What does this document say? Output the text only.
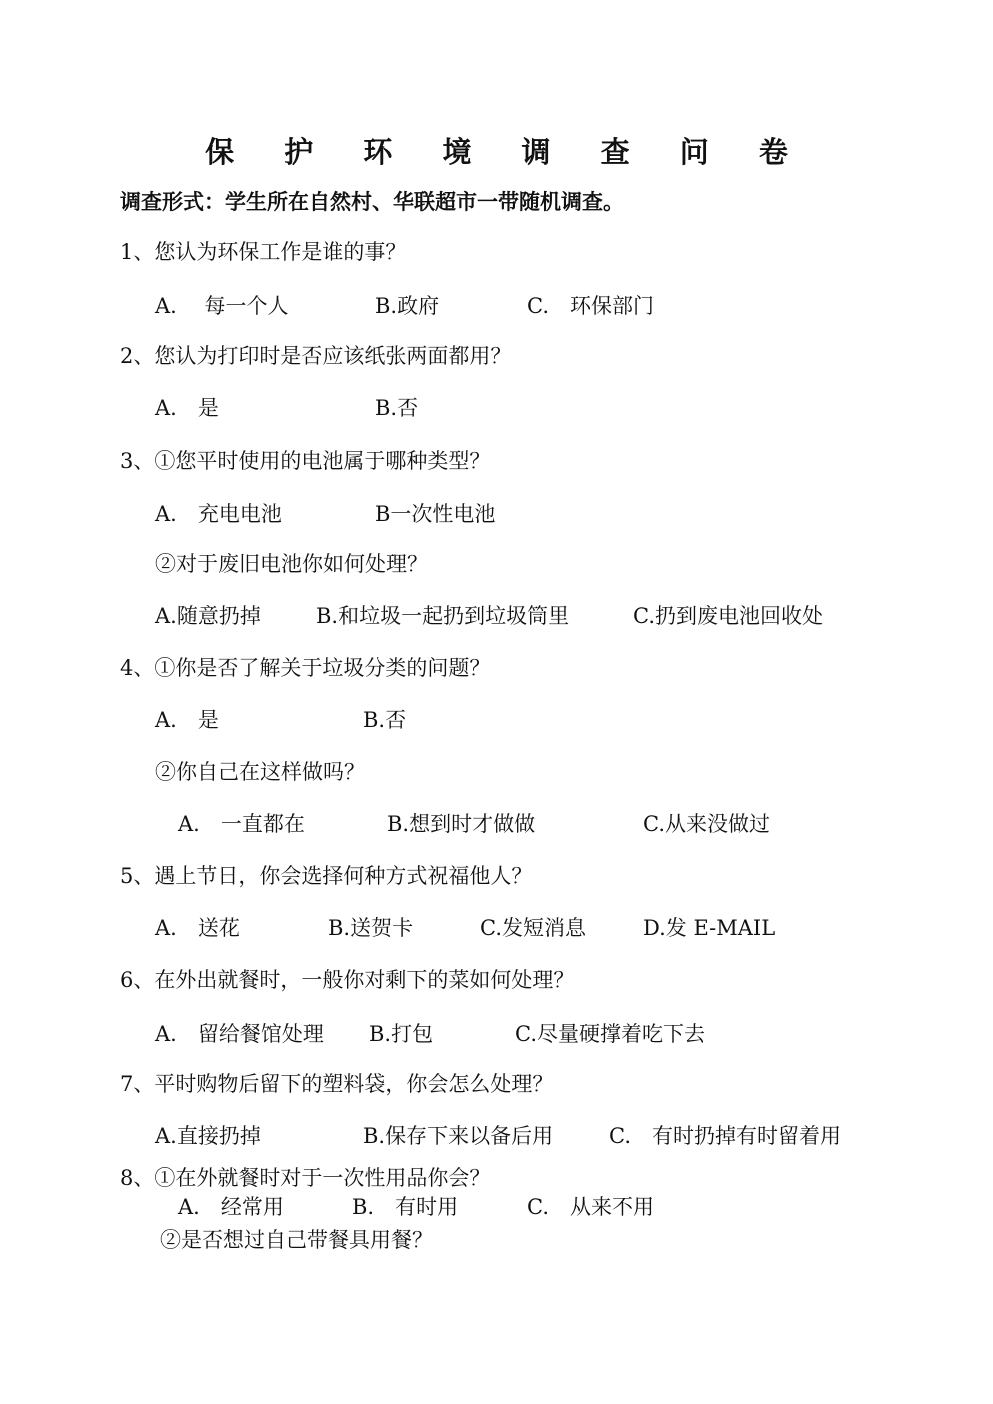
保 护 环 境 调 查 问 卷
调查形式：学生所在自然村、华联超市一带随机调查。
1、您认为环保工作是谁的事？
A.　 每一个人	B.政府	C.　环保部门
2、您认为打印时是否应该纸张两面都用？
A.　是	B.否
3、①您平时使用的电池属于哪种类型？
A.　充电电池	B一次性电池
②对于废旧电池你如何处理？
A.随意扔掉	B.和垃圾一起扔到垃圾筒里	C.扔到废电池回收处
4、①你是否了解关于垃圾分类的问题？
A.　是	B.否
②你自己在这样做吗？
A.　一直都在	B.想到时才做做	C.从来没做过
5、遇上节日，你会选择何种方式祝福他人？
A.　送花	B.送贺卡	C.发短消息	D.发 E-MAIL
6、在外出就餐时，一般你对剩下的菜如何处理？
A.　留给餐馆处理 B.打包	C.尽量硬撑着吃下去
7、平时购物后留下的塑料袋，你会怎么处理？
A.直接扔掉	B.保存下来以备后用	C.　有时扔掉有时留着用
8、①在外就餐时对于一次性用品你会？
A.　经常用	B.　有时用	C.　从来不用
②是否想过自己带餐具用餐？
